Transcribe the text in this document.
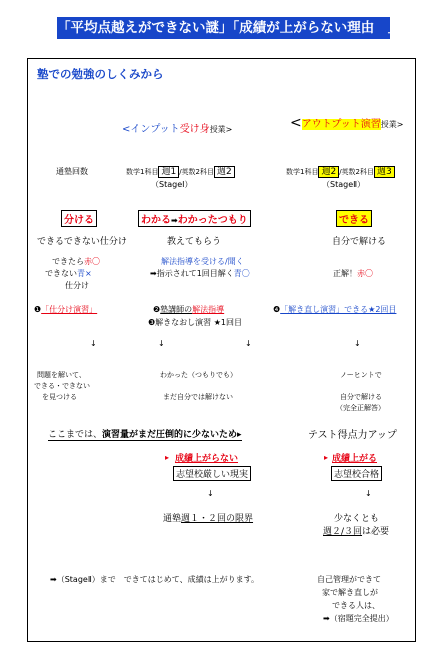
「平均点越えができない謎」「成績が上がらない理由　」
塾での勉強のしくみから
<インプット受け身授業>	<アウトプット演習授業>
通塾回数	数学1科目 週1 /英数2科目 週2
（StageⅠ）
数学1科目 週2 /英数2科目 週3
（StageⅡ）
分ける	わかる➡わかったつもり	できる
できるできない仕分け	教えてもらう	自分で解ける
できたら赤〇
できない青×
仕分け
解法指導を受ける/聞く
➡指示されて1回目解く青〇	正解！赤〇
❶「仕分け演習」	❷塾講師の解法指導
❸解きなおし演習 ★1回目
❹「解き直し演習」できる★2回目
↓	↓	↓	↓
問題を解いて、
できる・できない
を見つける
わかった（つもりでも）
まだ自分では解けない
ノーヒントで
自分で解ける
（完全正解答）
ここまでは、演習量がまだ圧倒的に少ないため▸	テスト得点力アップ
▸ 成績上がらない
志望校厳しい現実
▸ 成績上がる
志望校合格
↓	↓
通塾週１・２回の限界	少なくとも
週２/３回は必要
➡（StageⅡ）まで　できてはじめて、成績は上がります。	自己管理ができて
家で解き直しが
できる人は、
➡（宿題完全提出）
